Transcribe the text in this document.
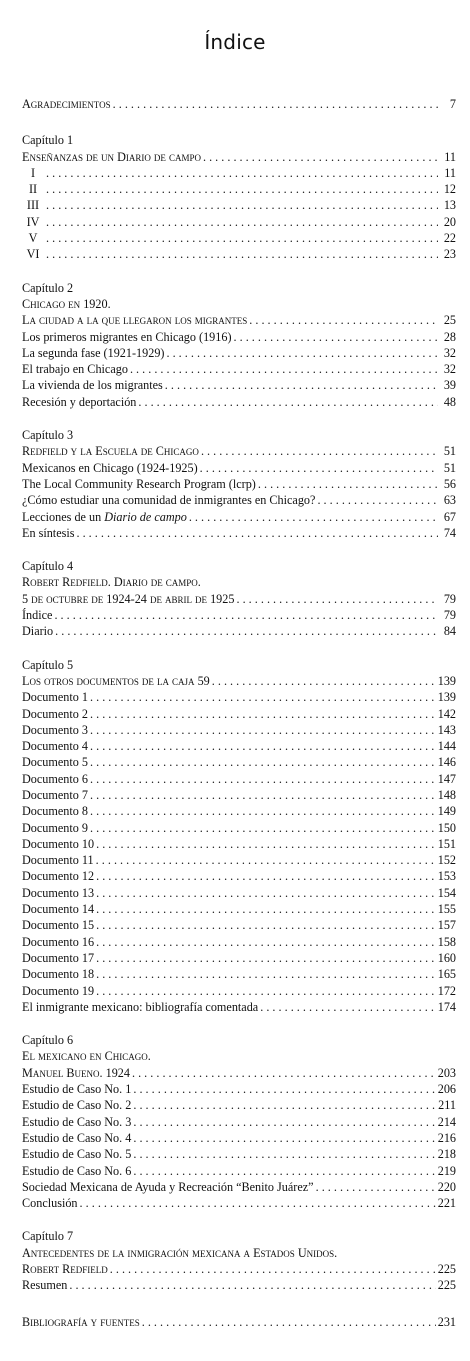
Índice
Agradecimientos . . .	7
Capítulo 1
Enseñanzas de un Diario de campo . . .	11
I . . .	11
II . . .	12
III . . .	13
IV . . .	20
V . . .	22
VI . . .	23
Capítulo 2
Chicago en 1920.
La ciudad a la que llegaron los migrantes . . .	25
Los primeros migrantes en Chicago (1916) . . .	28
La segunda fase (1921-1929) . . .	32
El trabajo en Chicago . . .	32
La vivienda de los migrantes . . .	39
Recesión y deportación . . .	48
Capítulo 3
Redfield y la Escuela de Chicago . . .	51
Mexicanos en Chicago (1924-1925) . . .	51
The Local Community Research Program (lcrp) . . .	56
¿Cómo estudiar una comunidad de inmigrantes en Chicago? . . .	63
Lecciones de un Diario de campo . . .	67
En síntesis . . .	74
Capítulo 4
Robert Redfield. Diario de campo.
5 de octubre de 1924-24 de abril de 1925 . . .	79
Índice . . .	79
Diario . . .	84
Capítulo 5
Los otros documentos de la caja 59 . . .	139
Documento 1 . . .	139
Documento 2 . . .	142
Documento 3 . . .	143
Documento 4 . . .	144
Documento 5 . . .	146
Documento 6 . . .	147
Documento 7 . . .	148
Documento 8 . . .	149
Documento 9 . . .	150
Documento 10 . . .	151
Documento 11 . . .	152
Documento 12 . . .	153
Documento 13 . . .	154
Documento 14 . . .	155
Documento 15 . . .	157
Documento 16 . . .	158
Documento 17 . . .	160
Documento 18 . . .	165
Documento 19 . . .	172
El inmigrante mexicano: bibliografía comentada . . .	174
Capítulo 6
El mexicano en Chicago.
Manuel Bueno. 1924 . . .	203
Estudio de Caso No. 1 . . .	206
Estudio de Caso No. 2 . . .	211
Estudio de Caso No. 3 . . .	214
Estudio de Caso No. 4 . . .	216
Estudio de Caso No. 5 . . .	218
Estudio de Caso No. 6 . . .	219
Sociedad Mexicana de Ayuda y Recreación “Benito Juárez” . . .	220
Conclusión . . .	221
Capítulo 7
Antecedentes de la inmigración mexicana a Estados Unidos.
Robert Redfield . . .	225
Resumen . . .	225
Bibliografía y fuentes . . .	231
